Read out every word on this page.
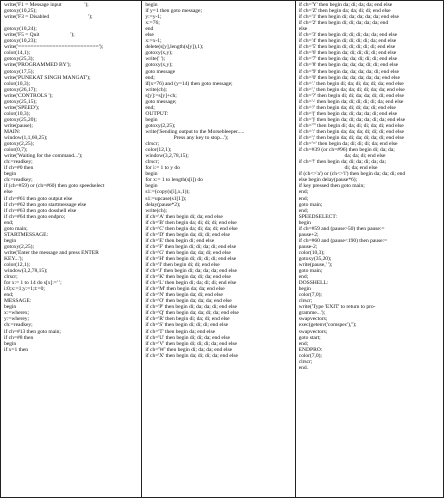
write('F1 = Message input                 ');
gotoxy(10,25);
write('F3 = Disabled                             ');
gotoxy(10,24);
write('F5 = Quit                       ');
gotoxy(10,23);
write('==========================');
color(14,1);
gotoxy(25,3);
write('PROGRAMMED BY');
gotoxy(17,5);
write('PUNEKAT SINGH MANGAT');
color(10,3);
gotoxy(26,17);
write('CONTROLS ');
gotoxy(25,15);
write('SPEED');
color(10,3);
gotoxy(25,20);
write(pause);
MAIN:
window(1,1,60,25);
gotoxy(2,25);
color(0,7);
write('Waiting for the command...');
ch:=readkey;
if ch=#0 then
begin
ch:=readkey;
if (ch=#59) or (ch=#60) then goto speedselect
else
if ch=#61 then goto output else
if ch=#62 then goto startmessage else
if ch=#63 then goto dosshell else
if ch=#64 then goto endpro;
end;
goto main;
STARTMESSAGE:
begin
gotoxy(2,25);
write('Enter the message and press ENTER
KEY...');
color(12,1);
window(3,2,78,15);
clrscr;
for x:= 1 to 14 do s[x]:=' ';
i:0;x:=1;y:=1;t:=0;
end;
MESSAGE:
begin
x:=wherex;
y:=wherey;
ch:=readkey;
if ch=#13 then goto main;
if ch=#8 then
begin
if x=1 then
begin
if y=1 then goto message;
y:=y-1;
x:=76;
end
else
x:=x-1;
delete(s[y],length(s[y]),1);
gotoxy(x,y);
write(' ');
gotoxy(x,y);
goto message
end;
if(x=76) and (y=14) then goto message;
write(ch);
s[y]:=s[y]+ch;
goto message;
end;
OUTPUT:
begin
gotoxy(2,25);
write('Sending output to the Morsebleeper.....
Press any key to stop...');
clrscr;
color(12,1);
window(3,2,78,15);
clrscr;
for i:= 1 to y do
begin
for x:= 1 to length(s[i]) do
begin
s1:=(copy(s[i],x,1));
s1:=upcase(s1[1]);
delay(pause*2);
write(ch);
if ch='A' then begin di; da; end else
if ch='B' then begin da; di; di; di; end else
if ch='C' then begin da; di; da; di; end else
if ch='D' then begin da; di; di; end else
if ch='E' then begin di; end else
if ch='F' then begin di; di; da; di; end else
if ch='G' then begin da; da; di; end else
if ch='H' then begin di; di; di; di; end else
if ch='I' then begin di; di; end else
if ch='J' then begin di; da; da; da; end else
if ch='K' then begin da; di; da; end else
if ch='L' then begin di; da; di; di; end else
if ch='M' then begin da; da; end else
if ch='N' then begin da; di; end else
if ch='O' then begin da; da; da; end else
if ch='P' then begin di; da; da; di; end else
if ch='Q' then begin da; da; di; da; end else
if ch='R' then begin di; da; di; end else
if ch='S' then begin di; di; di; end else
if ch='T' then begin da; end else
if ch='U' then begin di; di; da; end else
if ch='V' then begin di; di; di; da; end else
if ch='W' then begin di; da; da; end else
if ch='X' then begin da; di; di; da; end else
if ch='Y' then begin da; di; da; da; end else
if ch='Z' then begin da; da; di; di; end else
if ch='1' then begin di; da; da; da; da; end else
if ch='2' then begin di; di; da; da; da; end
else
if ch='3' then begin di; di; di; da; da; end else
if ch='4' then begin di; di; di; di; da; end else
if ch='5' then begin di; di; di; di; di; end else
if ch='6' then begin da; di; di; di; di; end else
if ch='7' then begin da; da; di; di; di; end else
if ch='8' then begin da; da; da; di; di; end else
if ch='9' then begin da; da; da; da; di; end else
if ch='0' then begin da; da; da; da; da; end else
if ch='.' then begin di; da; di; da; di; da; end else
if ch=',' then begin da; da; di; di; da; da; end else
if ch='?' then begin di; di; da; da; di; di; end else
if ch='-' then begin da; di; di; di; di; da; end else
if ch='/' then begin da; di; di; da; di; end else
if ch='(' then begin da; di; da; da; di; end else
if ch=')' then begin da; di; da; da; di; da; end else
if ch='"' then begin di; da; di; di; da; di; end else
if ch=':' then begin da; da; da; di; di; di; end else
if ch=';' then begin da; di; da; di; da; di; end else
if ch='=' then begin da; di; di; di; da; end else
if ch=#39 (or ch=#96) then begin di; da; da;
da; da; di; end else
if ch='!' then begin da; di; da; di; da; da;
di; da; end else
if (ch<>'a') or (ch<>'l') then begin da; da; di; end
else begin delay(pause*6);
if key pressed then goto main;
end;
end;
goto main;
end;
SPEEDSELECT:
begin
if ch=#59 and (pause>50) then pause:=
pause+2;
if ch=#60 and (pause<190) then pause:=
pause-2;
color(10,3);
gotoxy(35,20);
write(pause,' ');
goto main;
end;
DOSSHELL:
begin
color(7,0);
clrscr;
write('Type 'EXIT' to return to pro-
gramme...');
swapvectors;
exec(getenv('comspec'),'');
swapvectors;
goto start;
end;
ENDPRO:
color(7,0);
clrscr;
end.
